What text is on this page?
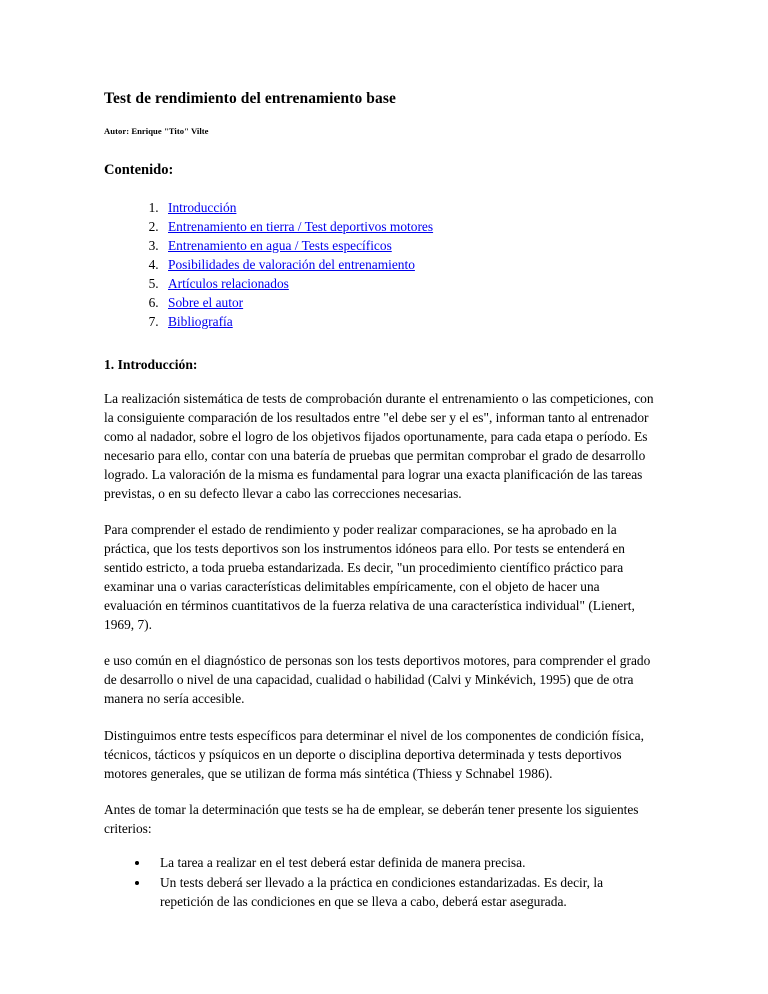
Test de rendimiento del entrenamiento base

Autor: Enrique "Tito" Vilte

Contenido:
1. Introducción
2. Entrenamiento en tierra / Test deportivos motores
3. Entrenamiento en agua / Tests específicos
4. Posibilidades de valoración del entrenamiento
5. Artículos relacionados
6. Sobre el autor
7. Bibliografía
1. Introducción:

La realización sistemática de tests de comprobación durante el entrenamiento o las competiciones, con la consiguiente comparación de los resultados entre "el debe ser y el es", informan tanto al entrenador como al nadador, sobre el logro de los objetivos fijados oportunamente, para cada etapa o período. Es necesario para ello, contar con una batería de pruebas que permitan comprobar el grado de desarrollo logrado. La valoración de la misma es fundamental para lograr una exacta planificación de las tareas previstas, o en su defecto llevar a cabo las correcciones necesarias.

Para comprender el estado de rendimiento y poder realizar comparaciones, se ha aprobado en la práctica, que los tests deportivos son los instrumentos idóneos para ello. Por tests se entenderá en sentido estricto, a toda prueba estandarizada. Es decir, "un procedimiento científico práctico para examinar una o varias características delimitables empíricamente, con el objeto de hacer una evaluación en términos cuantitativos de la fuerza relativa de una característica individual" (Lienert, 1969, 7).

e uso común en el diagnóstico de personas son los tests deportivos motores, para comprender el grado de desarrollo o nivel de una capacidad, cualidad o habilidad (Calvi y Minkévich, 1995) que de otra manera no sería accesible.

Distinguimos entre tests específicos para determinar el nivel de los componentes de condición física, técnicos, tácticos y psíquicos en un deporte o disciplina deportiva determinada y tests deportivos motores generales, que se utilizan de forma más sintética (Thiess y Schnabel 1986).

Antes de tomar la determinación que tests se ha de emplear, se deberán tener presente los siguientes criterios:

• La tarea a realizar en el test deberá estar definida de manera precisa.
• Un tests deberá ser llevado a la práctica en condiciones estandarizadas. Es decir, la repetición de las condiciones en que se lleva a cabo, deberá estar asegurada.
